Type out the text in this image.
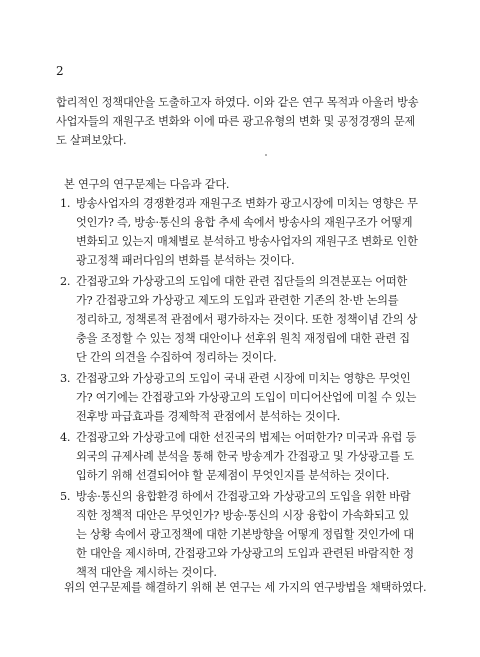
2
합리적인 정책대안을 도출하고자 하였다. 이와 같은 연구 목적과 아울러 방송
사업자들의 재원구조 변화와 이에 따른 광고유형의 변화 및 공정경쟁의 문제
도 살펴보았다.
본 연구의 연구문제는 다음과 같다.
1. 방송사업자의 경쟁환경과 재원구조 변화가 광고시장에 미치는 영향은 무
엇인가? 즉, 방송·통신의 융합 추세 속에서 방송사의 재원구조가 어떻게
변화되고 있는지 매체별로 분석하고 방송사업자의 재원구조 변화로 인한
광고정책 패러다임의 변화를 분석하는 것이다.
2. 간접광고와 가상광고의 도입에 대한 관련 집단들의 의견분포는 어떠한
가? 간접광고와 가상광고 제도의 도입과 관련한 기존의 찬·반 논의를
정리하고, 정책론적 관점에서 평가하자는 것이다. 또한 정책이념 간의 상
충을 조정할 수 있는 정책 대안이나 선후위 원칙 재정립에 대한 관련 집
단 간의 의견을 수집하여 정리하는 것이다.
3. 간접광고와 가상광고의 도입이 국내 관련 시장에 미치는 영향은 무엇인
가? 여기에는 간접광고와 가상광고의 도입이 미디어산업에 미칠 수 있는
전후방 파급효과를 경제학적 관점에서 분석하는 것이다.
4. 간접광고와 가상광고에 대한 선진국의 법제는 어떠한가? 미국과 유럽 등
외국의 규제사례 분석을 통해 한국 방송계가 간접광고 및 가상광고를 도
입하기 위해 선결되어야 할 문제점이 무엇인지를 분석하는 것이다.
5. 방송·통신의 융합환경 하에서 간접광고와 가상광고의 도입을 위한 바람
직한 정책적 대안은 무엇인가? 방송·통신의 시장 융합이 가속화되고 있
는 상황 속에서 광고정책에 대한 기본방향을 어떻게 정립할 것인가에 대
한 대안을 제시하며, 간접광고와 가상광고의 도입과 관련된 바람직한 정
책적 대안을 제시하는 것이다.
위의 연구문제를 해결하기 위해 본 연구는 세 가지의 연구방법을 채택하였다.
